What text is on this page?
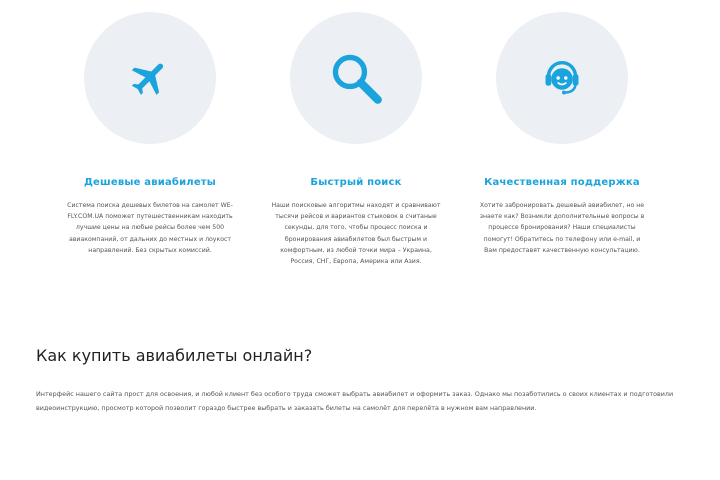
Дешевые авиабилеты
Система поиска дешевых билетов на самолет WE-FLY.COM.UA поможет путешественникам находить лучшие цены на любые рейсы более чем 500 авиакомпаний, от дальних до местных и лоукост направлений. Без скрытых комиссий.
Быстрый поиск
Наши поисковые алгоритмы находят и сравнивают тысячи рейсов и вариантов стыковок в считаные секунды, для того, чтобы процесс поиска и бронирования авиабилетов был быстрым и комфортным, из любой точки мира – Украина, Россия, СНГ, Европа, Америка или Азия.
Качественная поддержка
Хотите забронировать дешевый авиабилет, но не знаете как? Возникли дополнительные вопросы в процессе бронирования? Наши специалисты помогут! Обратитесь по телефону или e-mail, и Вам предоставят качественную консультацию.
Как купить авиабилеты онлайн?
Интерфейс нашего сайта прост для освоения, и любой клиент без особого труда сможет выбрать авиабилет и оформить заказ. Однако мы позаботились о своих клиентах и подготовили видеоинструкцию, просмотр которой позволит гораздо быстрее выбрать и заказать билеты на самолёт для перелёта в нужном вам направлении.
